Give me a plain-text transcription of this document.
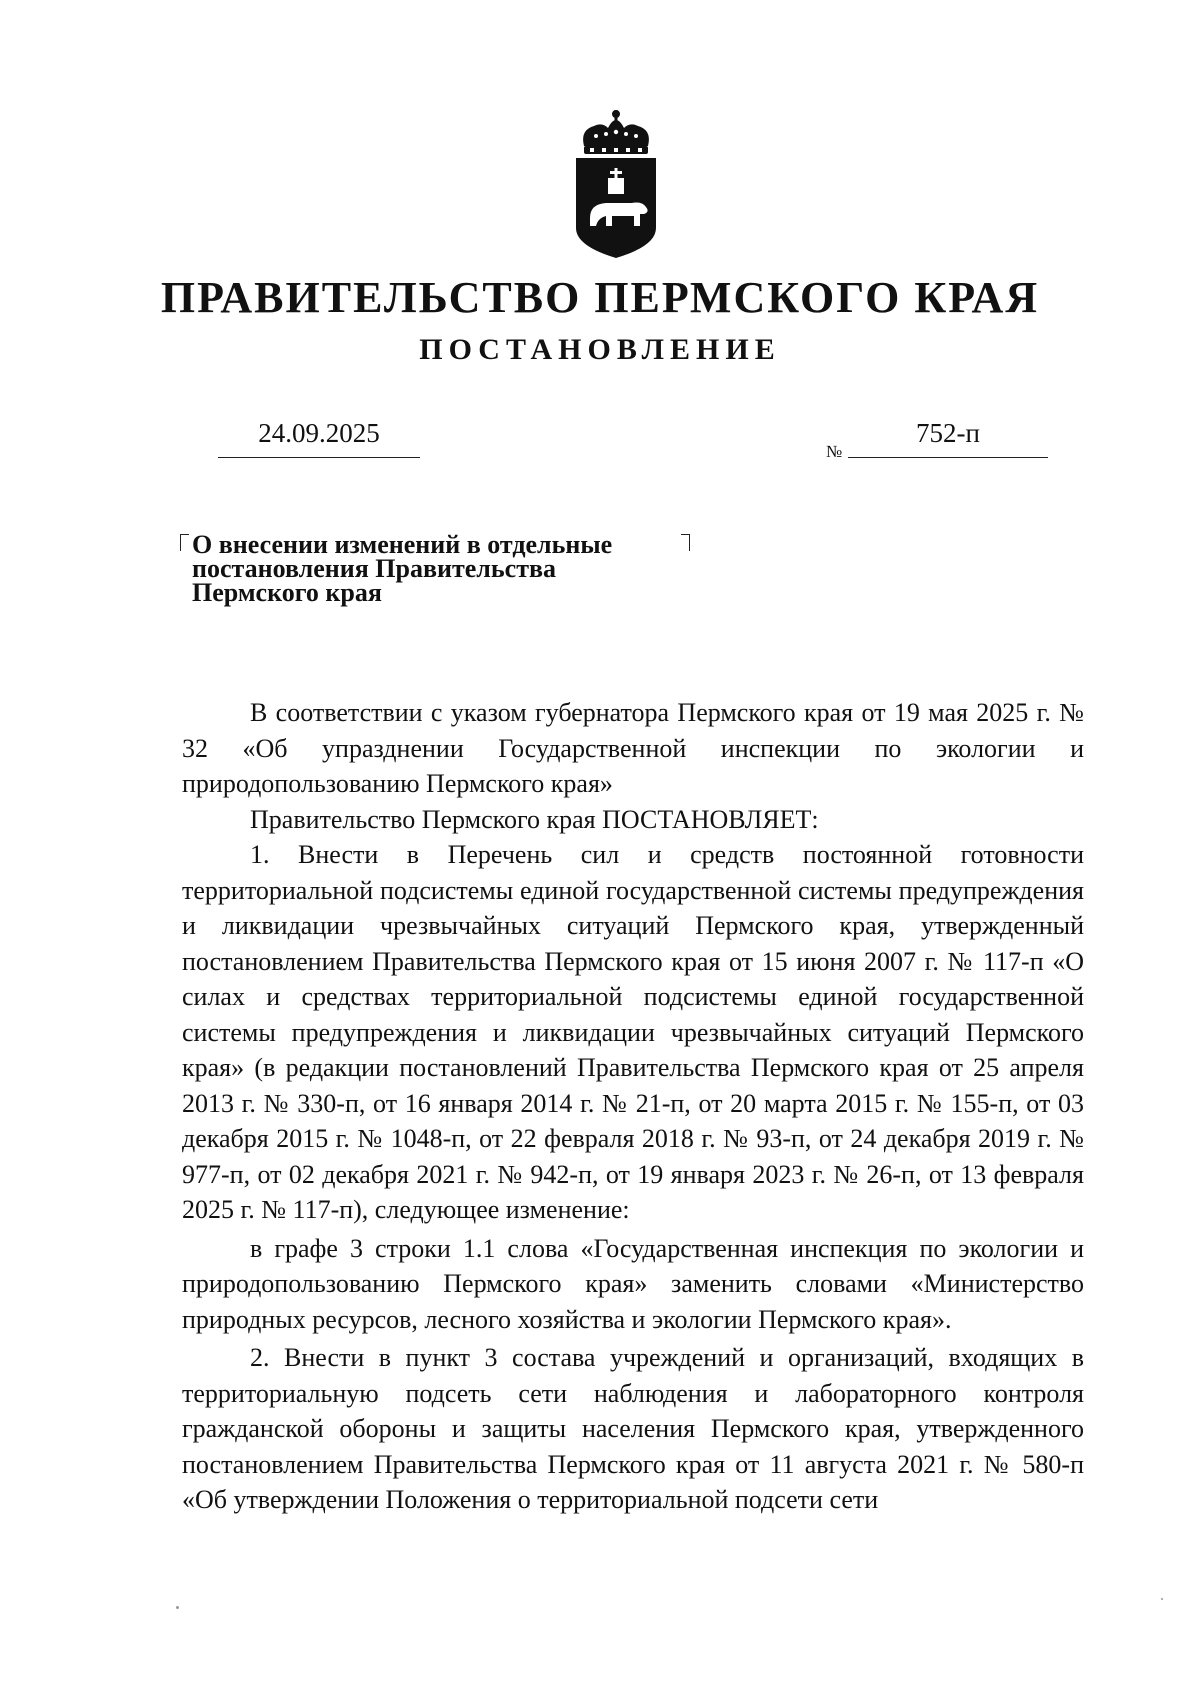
ПРАВИТЕЛЬСТВО ПЕРМСКОГО КРАЯ
ПОСТАНОВЛЕНИЕ
24.09.2025
№
752-п
О внесении изменений в отдельные
постановления Правительства
Пермского края

В соответствии с указом губернатора Пермского края от 19 мая 2025 г. № 32 «Об упразднении Государственной инспекции по экологии и природопользованию Пермского края»

Правительство Пермского края ПОСТАНОВЛЯЕТ:

1. Внести в Перечень сил и средств постоянной готовности территориальной подсистемы единой государственной системы предупреждения и ликвидации чрезвычайных ситуаций Пермского края, утвержденный постановлением Правительства Пермского края от 15 июня 2007 г. № 117-п «О силах и средствах территориальной подсистемы единой государственной системы предупреждения и ликвидации чрезвычайных ситуаций Пермского края» (в редакции постановлений Правительства Пермского края от 25 апреля 2013 г. № 330-п, от 16 января 2014 г. № 21-п, от 20 марта 2015 г. № 155-п, от 03 декабря 2015 г. № 1048-п, от 22 февраля 2018 г. № 93-п, от 24 декабря 2019 г. № 977-п, от 02 декабря 2021 г. № 942-п, от 19 января 2023 г. № 26-п, от 13 февраля 2025 г. № 117-п), следующее изменение:

в графе 3 строки 1.1 слова «Государственная инспекция по экологии и природопользованию Пермского края» заменить словами «Министерство природных ресурсов, лесного хозяйства и экологии Пермского края».

2. Внести в пункт 3 состава учреждений и организаций, входящих в территориальную подсеть сети наблюдения и лабораторного контроля гражданской обороны и защиты населения Пермского края, утвержденного постановлением Правительства Пермского края от 11 августа 2021 г. № 580-п «Об утверждении Положения о территориальной подсети сети
